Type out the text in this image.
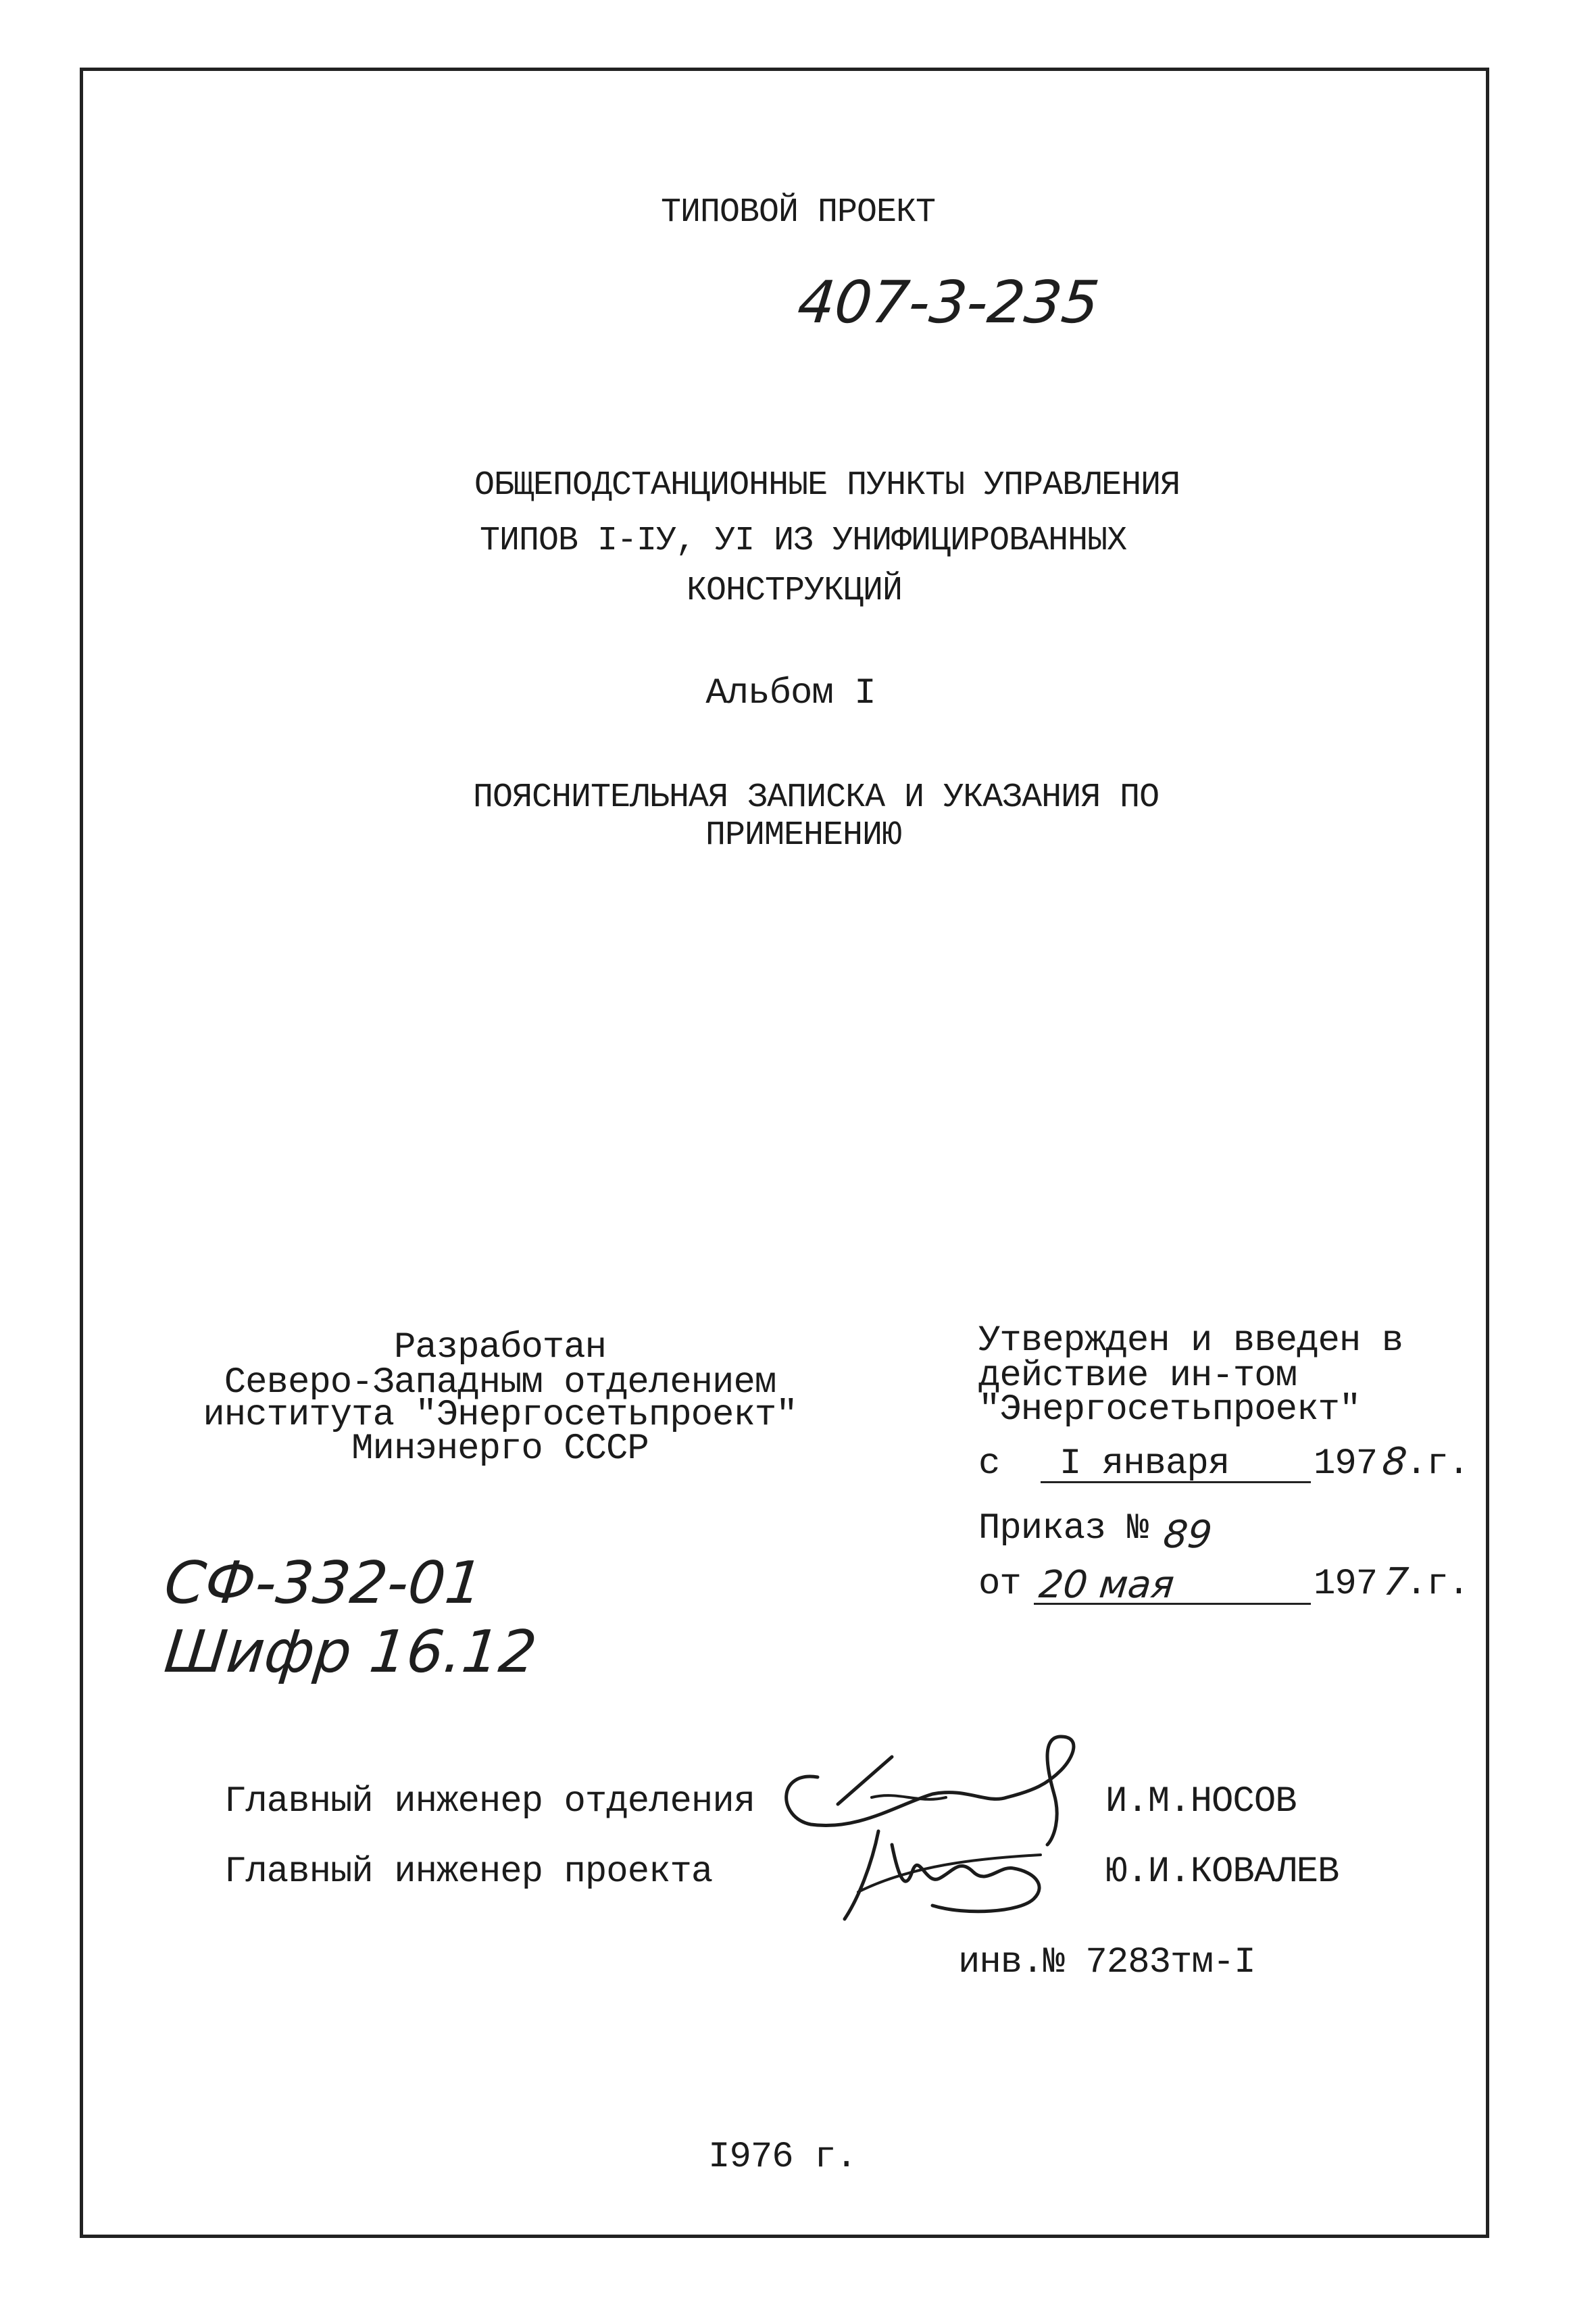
ТИПОВОЙ ПРОЕКТ
407-3-235
ОБЩЕПОДСТАНЦИОННЫЕ ПУНКТЫ УПРАВЛЕНИЯ
ТИПОВ I-IУ, УI ИЗ УНИФИЦИРОВАННЫХ
КОНСТРУКЦИЙ
Альбом I
ПОЯСНИТЕЛЬНАЯ ЗАПИСКА И УКАЗАНИЯ ПО
ПРИМЕНЕНИЮ
Разработан
Северо-Западным отделением
института "Энергосетьпроект"
Минэнерго СССР
Утвержден и введен в
действие ин-том
"Энергосетьпроект"
с I января 197 8
.г.
Приказ № 89
от 20 мая	197 7
.г.
СФ-332-01
Шифр 16.12
Главный инженер отделения	И.М.НОСОВ
Главный инженер проекта	Ю.И.КОВАЛЕВ
инв.№ 7283тм-I
I976 г.
